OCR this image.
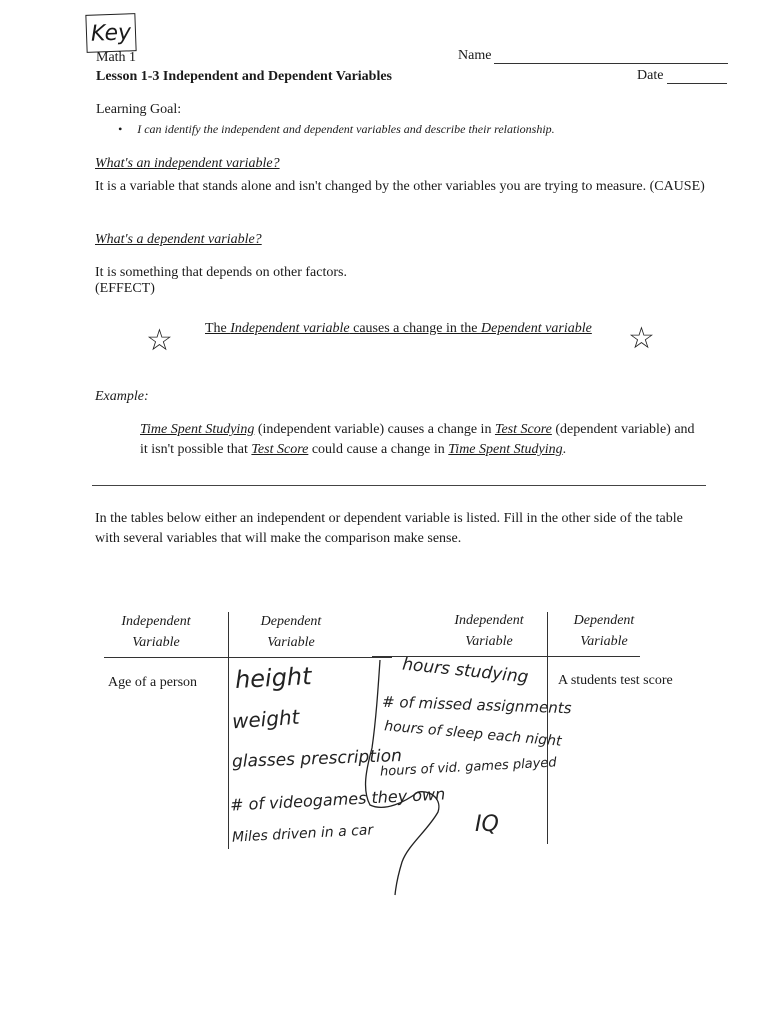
Key
Math 1
Lesson 1-3 Independent and Dependent Variables
Name
Date
Learning Goal:
•     I can identify the independent and dependent variables and describe their relationship.
What's an independent variable?
It is a variable that stands alone and isn't changed by the other variables you are trying to measure. (CAUSE)
What's a dependent variable?
It is something that depends on other factors.
(EFFECT)
☆ The Independent variable causes a change in the Dependent variable ☆
Example:
Time Spent Studying (independent variable) causes a change in Test Score (dependent variable) and it isn't possible that Test Score could cause a change in Time Spent Studying.
In the tables below either an independent or dependent variable is listed. Fill in the other side of the table with several variables that will make the comparison make sense.
Independent Variable
Dependent Variable
Independent Variable
Dependent Variable
Age of a person	A students test score
height
weight
glasses prescription
# of videogames they own
Miles driven in a car
hours studying
# of missed assignments
hours of sleep each night
hours of vid. games played
IQ
